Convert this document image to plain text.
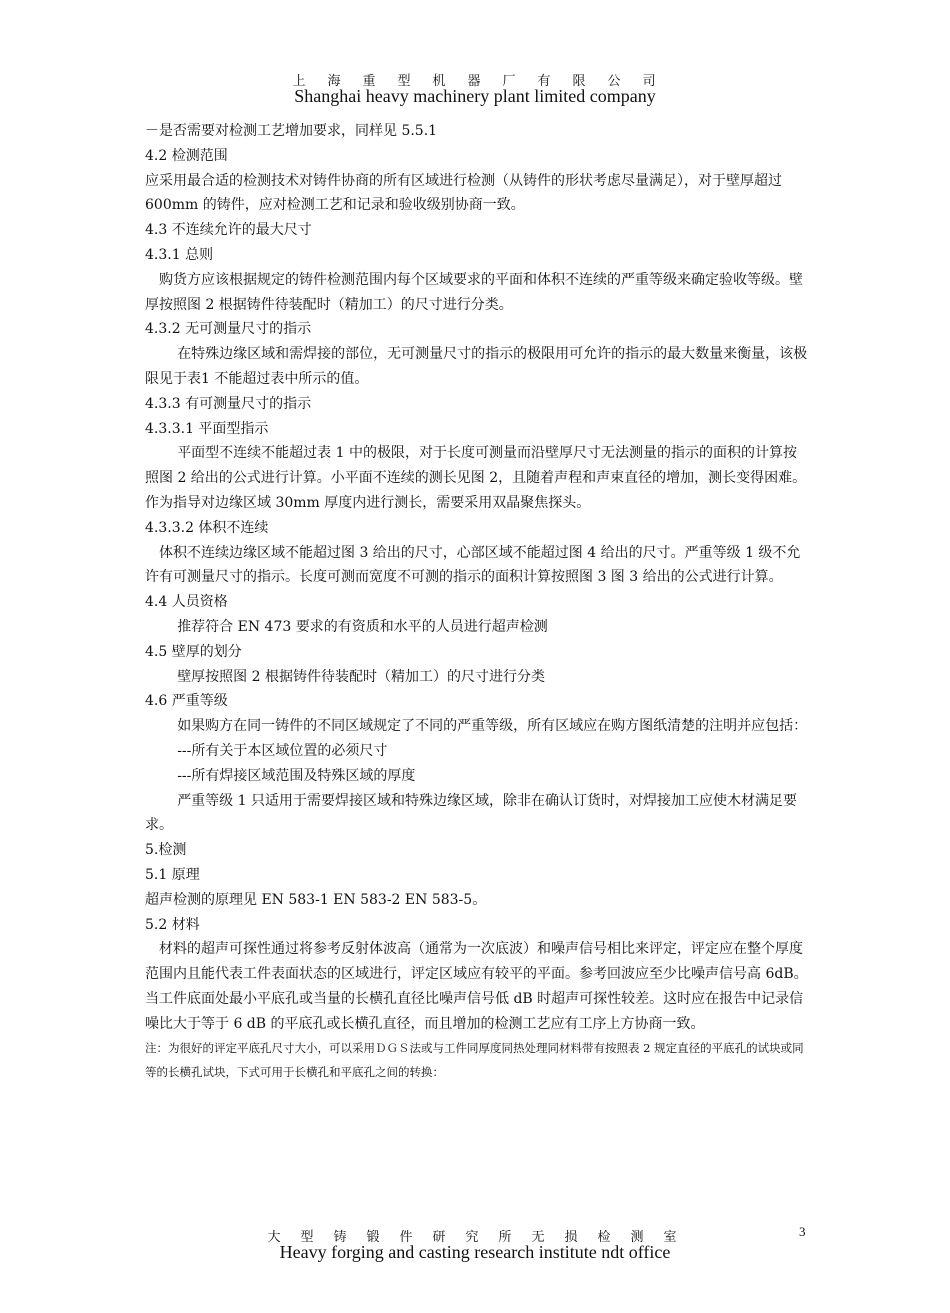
上海重型机器厂有限公司
Shanghai heavy machinery plant limited company

－是否需要对检测工艺增加要求，同样见 5.5.1

4.2 检测范围

应采用最合适的检测技术对铸件协商的所有区域进行检测（从铸件的形状考虑尽量满足），对于壁厚超过 600mm 的铸件，应对检测工艺和记录和验收级别协商一致。

4.3 不连续允许的最大尺寸

4.3.1 总则

购货方应该根据规定的铸件检测范围内每个区域要求的平面和体积不连续的严重等级来确定验收等级。壁厚按照图 2 根据铸件待装配时（精加工）的尺寸进行分类。

4.3.2 无可测量尺寸的指示

在特殊边缘区域和需焊接的部位，无可测量尺寸的指示的极限用可允许的指示的最大数量来衡量，该极限见于表1 不能超过表中所示的值。

4.3.3 有可测量尺寸的指示

4.3.3.1 平面型指示

平面型不连续不能超过表 1 中的极限，对于长度可测量而沿壁厚尺寸无法测量的指示的面积的计算按照图 2 给出的公式进行计算。小平面不连续的测长见图 2，且随着声程和声束直径的增加，测长变得困难。作为指导对边缘区域 30mm 厚度内进行测长，需要采用双晶聚焦探头。

4.3.3.2 体积不连续

体积不连续边缘区域不能超过图 3 给出的尺寸，心部区域不能超过图 4 给出的尺寸。严重等级 1 级不允许有可测量尺寸的指示。长度可测而宽度不可测的指示的面积计算按照图 3 图 3 给出的公式进行计算。

4.4 人员资格

推荐符合 EN 473 要求的有资质和水平的人员进行超声检测

4.5 壁厚的划分

壁厚按照图 2 根据铸件待装配时（精加工）的尺寸进行分类

4.6 严重等级

如果购方在同一铸件的不同区域规定了不同的严重等级，所有区域应在购方图纸清楚的注明并应包括：

---所有关于本区域位置的必须尺寸

---所有焊接区域范围及特殊区域的厚度

严重等级 1 只适用于需要焊接区域和特殊边缘区域，除非在确认订货时，对焊接加工应使木材满足要求。

5.检测

5.1 原理

超声检测的原理见 EN 583-1 EN 583-2 EN 583-5。

5.2 材料

材料的超声可探性通过将参考反射体波高（通常为一次底波）和噪声信号相比来评定，评定应在整个厚度范围内且能代表工件表面状态的区域进行，评定区域应有较平的平面。参考回波应至少比噪声信号高 6dB。当工件底面处最小平底孔或当量的长横孔直径比噪声信号低 dB 时超声可探性较差。这时应在报告中记录信噪比大于等于 6 dB 的平底孔或长横孔直径，而且增加的检测工艺应有工序上方协商一致。

注：为很好的评定平底孔尺寸大小，可以采用ＤＧＳ法或与工件同厚度同热处理同材料带有按照表 2 规定直径的平底孔的试块或同等的长横孔试块，下式可用于长横孔和平底孔之间的转换：

大型铸锻件研究所无损检测室
Heavy forging and casting research institute ndt office
3
